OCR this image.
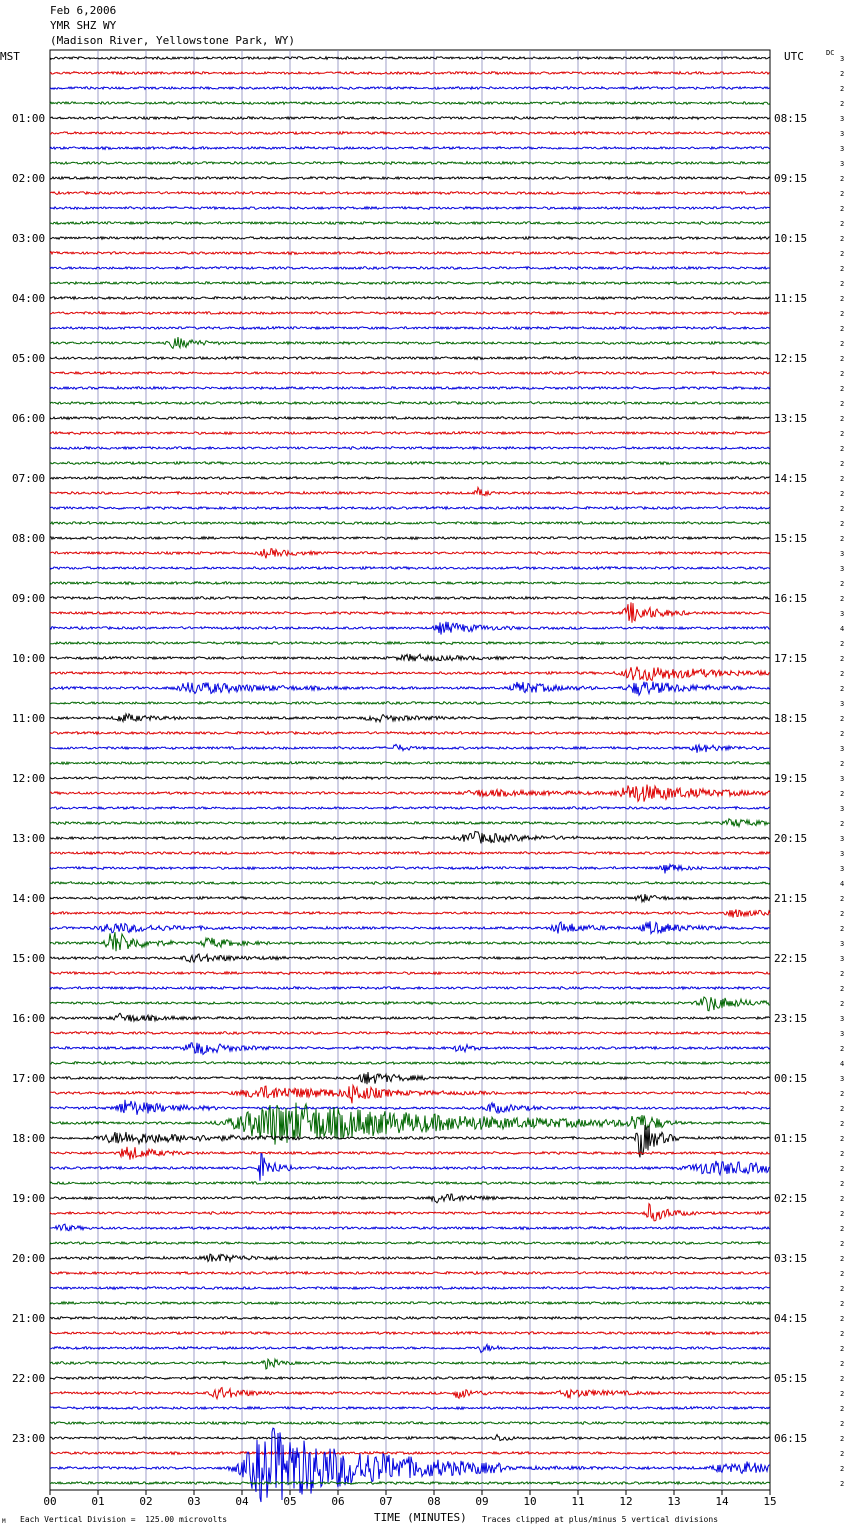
Feb 6,2006
YMR SHZ WY
(Madison River, Yellowstone Park, WY)
MST	UTC	DC
3
2
2
2
3
3
3
3
2
2
2
2
2
2
2
2
2
2
2
2
2
2
2
2
2
2
2
2
2
2
2
2
2
3
3
2
2
3
4
2
2
2
2
3
2
2
3
2
3
2
3
2
3
3
3
4
2
2
2
3
3
2
2
2
3
3
2
4
3
2
2
2
2
2
2
2
2
2
2
2
2
2
2
2
2
2
2
2
2
2
2
2
2
2
2
2
01:00	08:15
02:00	09:15
03:00	10:15
04:00	11:15
05:00	12:15
06:00	13:15
07:00	14:15
08:00	15:15
09:00	16:15
10:00	17:15
11:00	18:15
12:00	19:15
13:00	20:15
14:00	21:15
15:00	22:15
16:00	23:15
17:00	00:15
18:00	01:15
19:00	02:15
20:00	03:15
21:00	04:15
22:00	05:15
23:00	06:15
00	01	02	03	04	05	06	07	08	09	10	11	12	13	14	15
M Each Vertical Division =  125.00 microvolts	TIME (MINUTES) Traces clipped at plus/minus 5 vertical divisions
